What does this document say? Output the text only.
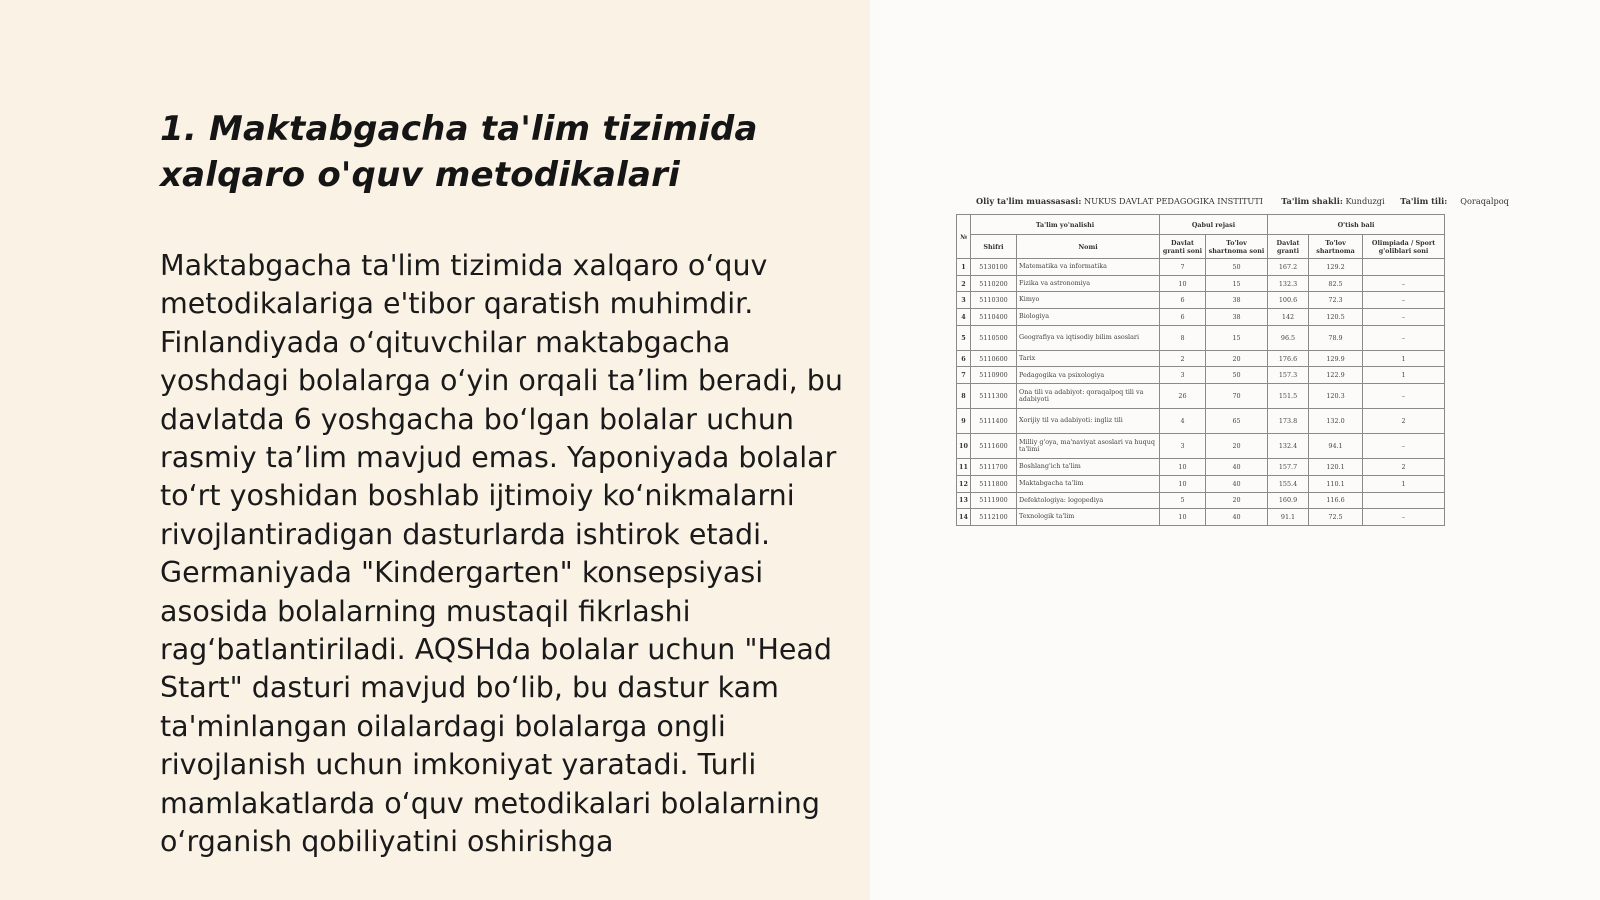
1. Maktabgacha ta'lim tizimida xalqaro o'quv metodikalari

Maktabgacha ta'lim tizimida xalqaro o‘quv metodikalariga e'tibor qaratish muhimdir. Finlandiyada o‘qituvchilar maktabgacha yoshdagi bolalarga o‘yin orqali ta’lim beradi, bu davlatda 6 yoshgacha bo‘lgan bolalar uchun rasmiy ta’lim mavjud emas. Yaponiyada bolalar to‘rt yoshidan boshlab ijtimoiy ko‘nikmalarni rivojlantiradigan dasturlarda ishtirok etadi. Germaniyada "Kindergarten" konsepsiyasi asosida bolalarning mustaqil fikrlashi rag‘batlantiriladi. AQSHda bolalar uchun "Head Start" dasturi mavjud bo‘lib, bu dastur kam ta'minlangan oilalardagi bolalarga ongli rivojlanish uchun imkoniyat yaratadi. Turli mamlakatlarda o‘quv metodikalari bolalarning o‘rganish qobiliyatini oshirishga

Oliy ta'lim muassasasi: NUKUS DAVLAT PEDAGOGIKA INSTITUTI Ta'lim shakli: Kunduzgi Ta'lim tili: Qoraqalpoq
№	Ta'lim yo'nalishi		Qabul rejasi		O'tish bali		
	Shifri	Nomi	Davlat granti soni	To'lov shartnoma soni	Davlat granti	To'lov shartnoma	Olimpiada / Sport g'oliblari soni
1	5130100	Matematika va informatika	7	50	167.2	129.2	
2	5110200	Fizika va astronomiya	10	15	132.3	82.5	–
3	5110300	Kimyo	6	38	100.6	72.3	–
4	5110400	Biologiya	6	38	142	120.5	–
5	5110500	Geografiya va iqtisodiy bilim asoslari	8	15	96.5	78.9	–
6	5110600	Tarix	2	20	176.6	129.9	1
7	5110900	Pedagogika va psixologiya	3	50	157.3	122.9	1
8	5111300	Ona tili va adabiyot: qoraqalpoq tili va adabiyoti	26	70	151.5	120.3	–
9	5111400	Xorijiy til va adabiyoti: ingliz tili	4	65	173.8	132.0	2
10	5111600	Milliy g'oya, ma'naviyat asoslari va huquq ta'limi	3	20	132.4	94.1	–
11	5111700	Boshlang'ich ta'lim	10	40	157.7	120.1	2
12	5111800	Maktabgacha ta'lim	10	40	155.4	110.1	1
13	5111900	Defektologiya: logopediya	5	20	160.9	116.6	
14	5112100	Texnologik ta'lim	10	40	91.1	72.5	–
